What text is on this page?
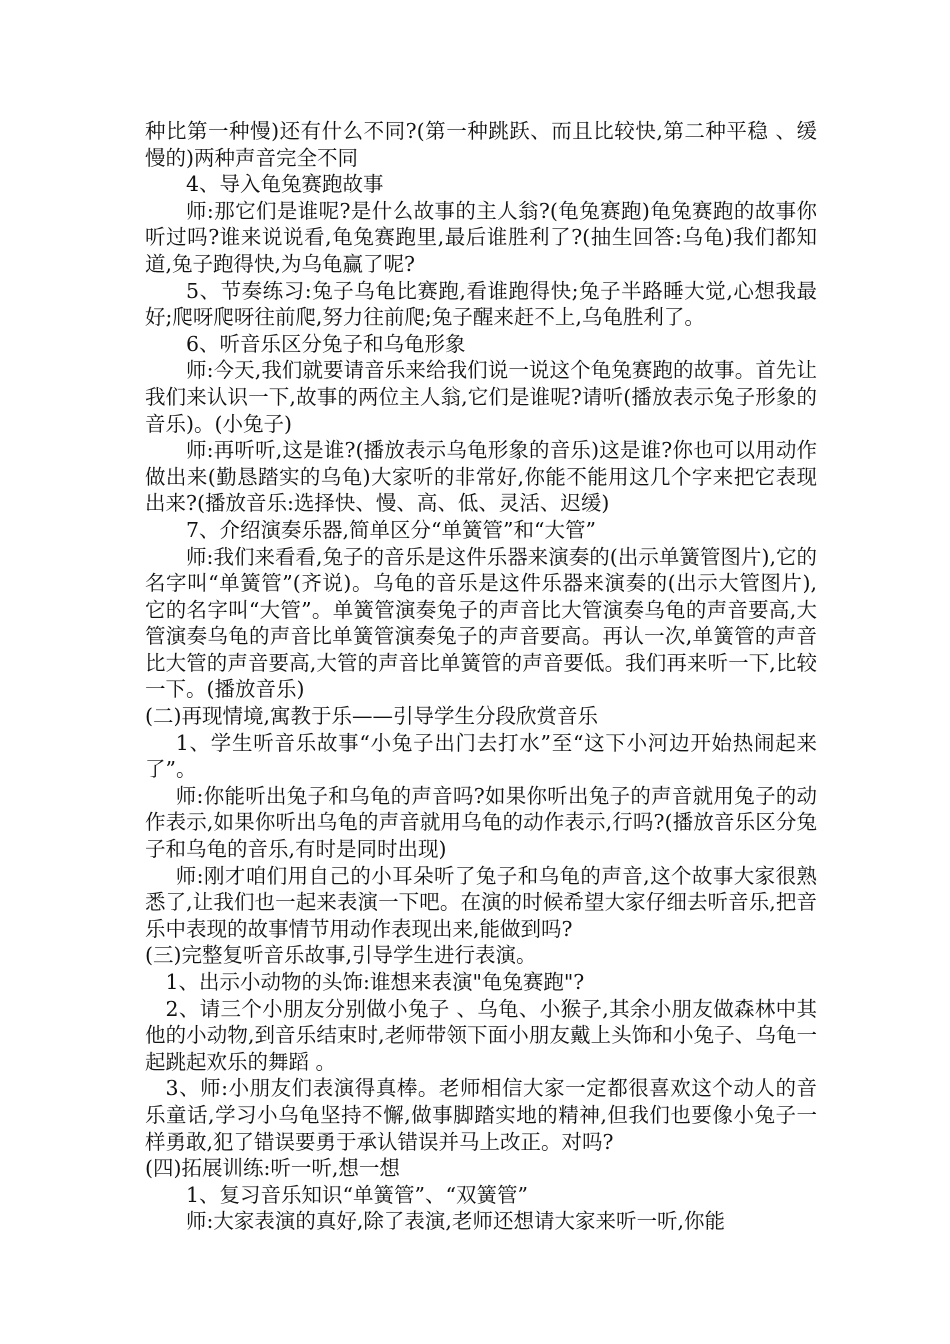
种比第一种慢)还有什么不同?(第一种跳跃、而且比较快,第二种平稳 、缓慢的)两种声音完全不同

4、导入龟兔赛跑故事

师:那它们是谁呢?是什么故事的主人翁?(龟兔赛跑)龟兔赛跑的故事你听过吗?谁来说说看,龟兔赛跑里,最后谁胜利了?(抽生回答:乌龟)我们都知道,兔子跑得快,为乌龟赢了呢?

5、节奏练习:兔子乌龟比赛跑,看谁跑得快;兔子半路睡大觉,心想我最好;爬呀爬呀往前爬,努力往前爬;兔子醒来赶不上,乌龟胜利了。

6、听音乐区分兔子和乌龟形象

师:今天,我们就要请音乐来给我们说一说这个龟兔赛跑的故事。首先让我们来认识一下,故事的两位主人翁,它们是谁呢?请听(播放表示兔子形象的音乐)。(小兔子)

师:再听听,这是谁?(播放表示乌龟形象的音乐)这是谁?你也可以用动作做出来(勤恳踏实的乌龟)大家听的非常好,你能不能用这几个字来把它表现出来?(播放音乐:选择快、慢、高、低、灵活、迟缓)

7、介绍演奏乐器,简单区分“单簧管”和“大管”

师:我们来看看,兔子的音乐是这件乐器来演奏的(出示单簧管图片),它的名字叫“单簧管”(齐说)。乌龟的音乐是这件乐器来演奏的(出示大管图片),它的名字叫“大管”。单簧管演奏兔子的声音比大管演奏乌龟的声音要高,大管演奏乌龟的声音比单簧管演奏兔子的声音要高。再认一次,单簧管的声音比大管的声音要高,大管的声音比单簧管的声音要低。我们再来听一下,比较一下。(播放音乐)

(二)再现情境,寓教于乐——引导学生分段欣赏音乐

1、学生听音乐故事“小兔子出门去打水”至“这下小河边开始热闹起来了”。

师:你能听出兔子和乌龟的声音吗?如果你听出兔子的声音就用兔子的动作表示,如果你听出乌龟的声音就用乌龟的动作表示,行吗?(播放音乐区分兔子和乌龟的音乐,有时是同时出现)

师:刚才咱们用自己的小耳朵听了兔子和乌龟的声音,这个故事大家很熟悉了,让我们也一起来表演一下吧。在演的时候希望大家仔细去听音乐,把音乐中表现的故事情节用动作表现出来,能做到吗?

(三)完整复听音乐故事,引导学生进行表演。

1、出示小动物的头饰:谁想来表演"龟兔赛跑"?

2、请三个小朋友分别做小兔子 、乌龟、小猴子,其余小朋友做森林中其他的小动物,到音乐结束时,老师带领下面小朋友戴上头饰和小兔子、乌龟一起跳起欢乐的舞蹈 。

3、师:小朋友们表演得真棒。老师相信大家一定都很喜欢这个动人的音乐童话,学习小乌龟坚持不懈,做事脚踏实地的精神,但我们也要像小兔子一样勇敢,犯了错误要勇于承认错误并马上改正。对吗?

(四)拓展训练:听一听,想一想

1、复习音乐知识“单簧管”、“双簧管”

师:大家表演的真好,除了表演,老师还想请大家来听一听,你能
